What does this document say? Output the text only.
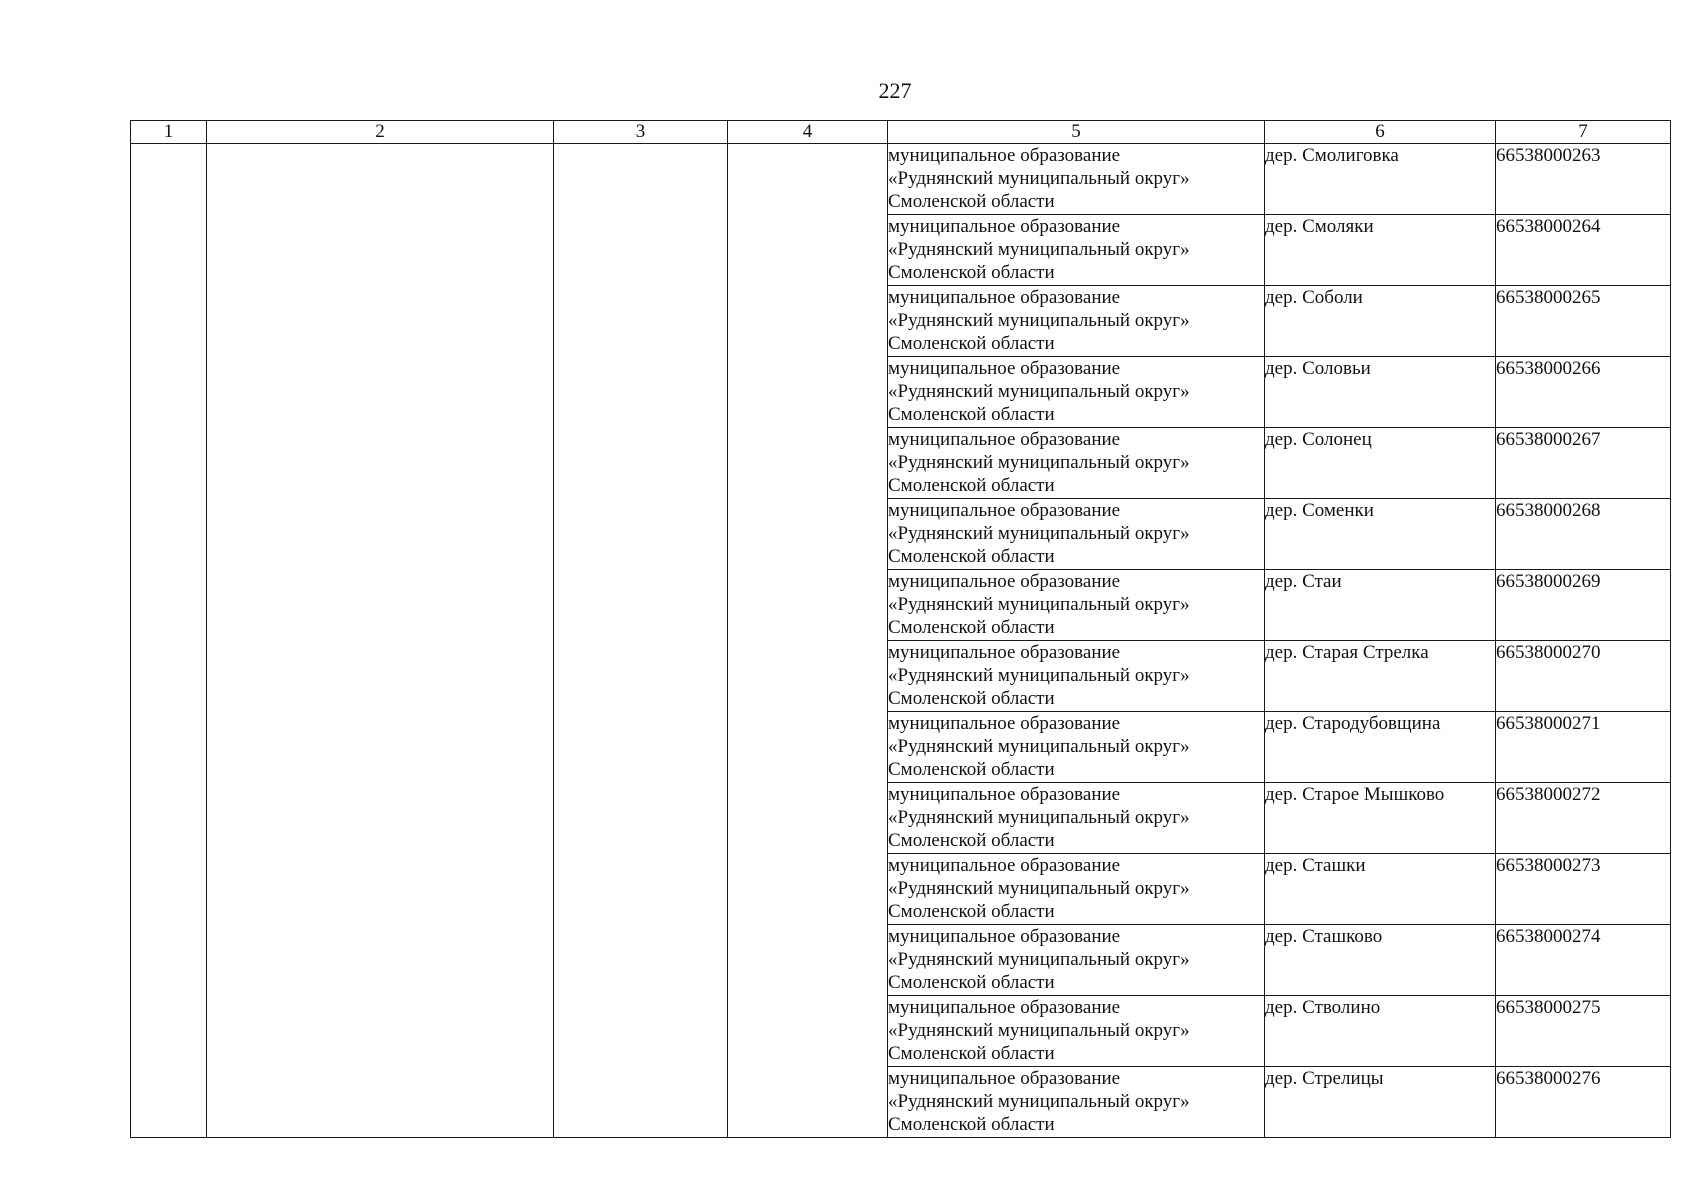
227
1	2	3	4	5	6	7

				муниципальное образование
«Руднянский муниципальный округ»
Смоленской области	дер. Смолиговка	66538000263

				муниципальное образование
«Руднянский муниципальный округ»
Смоленской области	дер. Смоляки	66538000264

				муниципальное образование
«Руднянский муниципальный округ»
Смоленской области	дер. Соболи	66538000265

				муниципальное образование
«Руднянский муниципальный округ»
Смоленской области	дер. Соловьи	66538000266

				муниципальное образование
«Руднянский муниципальный округ»
Смоленской области	дер. Солонец	66538000267

				муниципальное образование
«Руднянский муниципальный округ»
Смоленской области	дер. Соменки	66538000268

				муниципальное образование
«Руднянский муниципальный округ»
Смоленской области	дер. Стаи	66538000269

				муниципальное образование
«Руднянский муниципальный округ»
Смоленской области	дер. Старая Стрелка	66538000270

				муниципальное образование
«Руднянский муниципальный округ»
Смоленской области	дер. Стародубовщина	66538000271

				муниципальное образование
«Руднянский муниципальный округ»
Смоленской области	дер. Старое Мышково	66538000272

				муниципальное образование
«Руднянский муниципальный округ»
Смоленской области	дер. Сташки	66538000273

				муниципальное образование
«Руднянский муниципальный округ»
Смоленской области	дер. Сташково	66538000274

				муниципальное образование
«Руднянский муниципальный округ»
Смоленской области	дер. Стволино	66538000275

				муниципальное образование
«Руднянский муниципальный округ»
Смоленской области	дер. Стрелицы	66538000276
